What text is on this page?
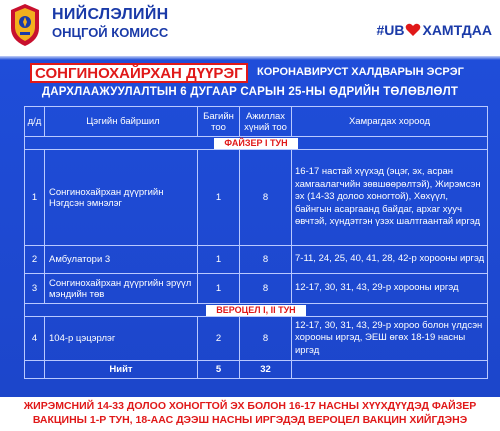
НИЙСЛЭЛИЙН
ОНЦГОЙ КОМИСС	#UB ХАМТДАА
СОНГИНОХАЙРХАН ДҮҮРЭГ	КОРОНАВИРУСТ ХАЛДВАРЫН ЭСРЭГ
ДАРХЛААЖУУЛАЛТЫН 6 ДУГААР САРЫН 25-НЫ ӨДРИЙН ТӨЛӨВЛӨЛТ
д/д	Цэгийн байршил	Багийн тоо	Ажиллах хүний тоо	Хамрагдах хороод
ФАЙЗЕР I ТУН				
1	Сонгинохайрхан дүүргийн Нэгдсэн эмнэлэг	1	8	16-17 настай хүүхэд (эцэг, эх, асран хамгаалагчийн зөвшөөрөлтэй), Жирэмсэн эх (14-33 долоо хоногтой), Хөхүүл, байнгын асаргаанд байдаг, архаг хууч өвчтэй, хүндэтгэн үзэх шалтгаантай иргэд
2	Амбулатори 3	1	8	7-11, 24, 25, 40, 41, 28, 42-р хорооны иргэд
3	Сонгинохайрхан дүүргийн эрүүл мэндийн төв	1	8	12-17, 30, 31, 43, 29-р хорооны иргэд
ВЕРОЦЕЛ I, II ТУН				
4	104-р цэцэрлэг	2	8	12-17, 30, 31, 43, 29-р хороо болон үлдсэн хорооны иргэд, ЭЕШ өгөх 18-19 насны иргэд
	Нийт	5	32	
ЖИРЭМСНИЙ 14-33 ДОЛОО ХОНОГТОЙ ЭХ БОЛОН 16-17 НАСНЫ ХҮҮХДҮҮДЭД ФАЙЗЕР
ВАКЦИНЫ 1-Р ТУН, 18-ААС ДЭЭШ НАСНЫ ИРГЭДЭД ВЕРОЦЕЛ ВАКЦИН ХИЙГДЭНЭ
